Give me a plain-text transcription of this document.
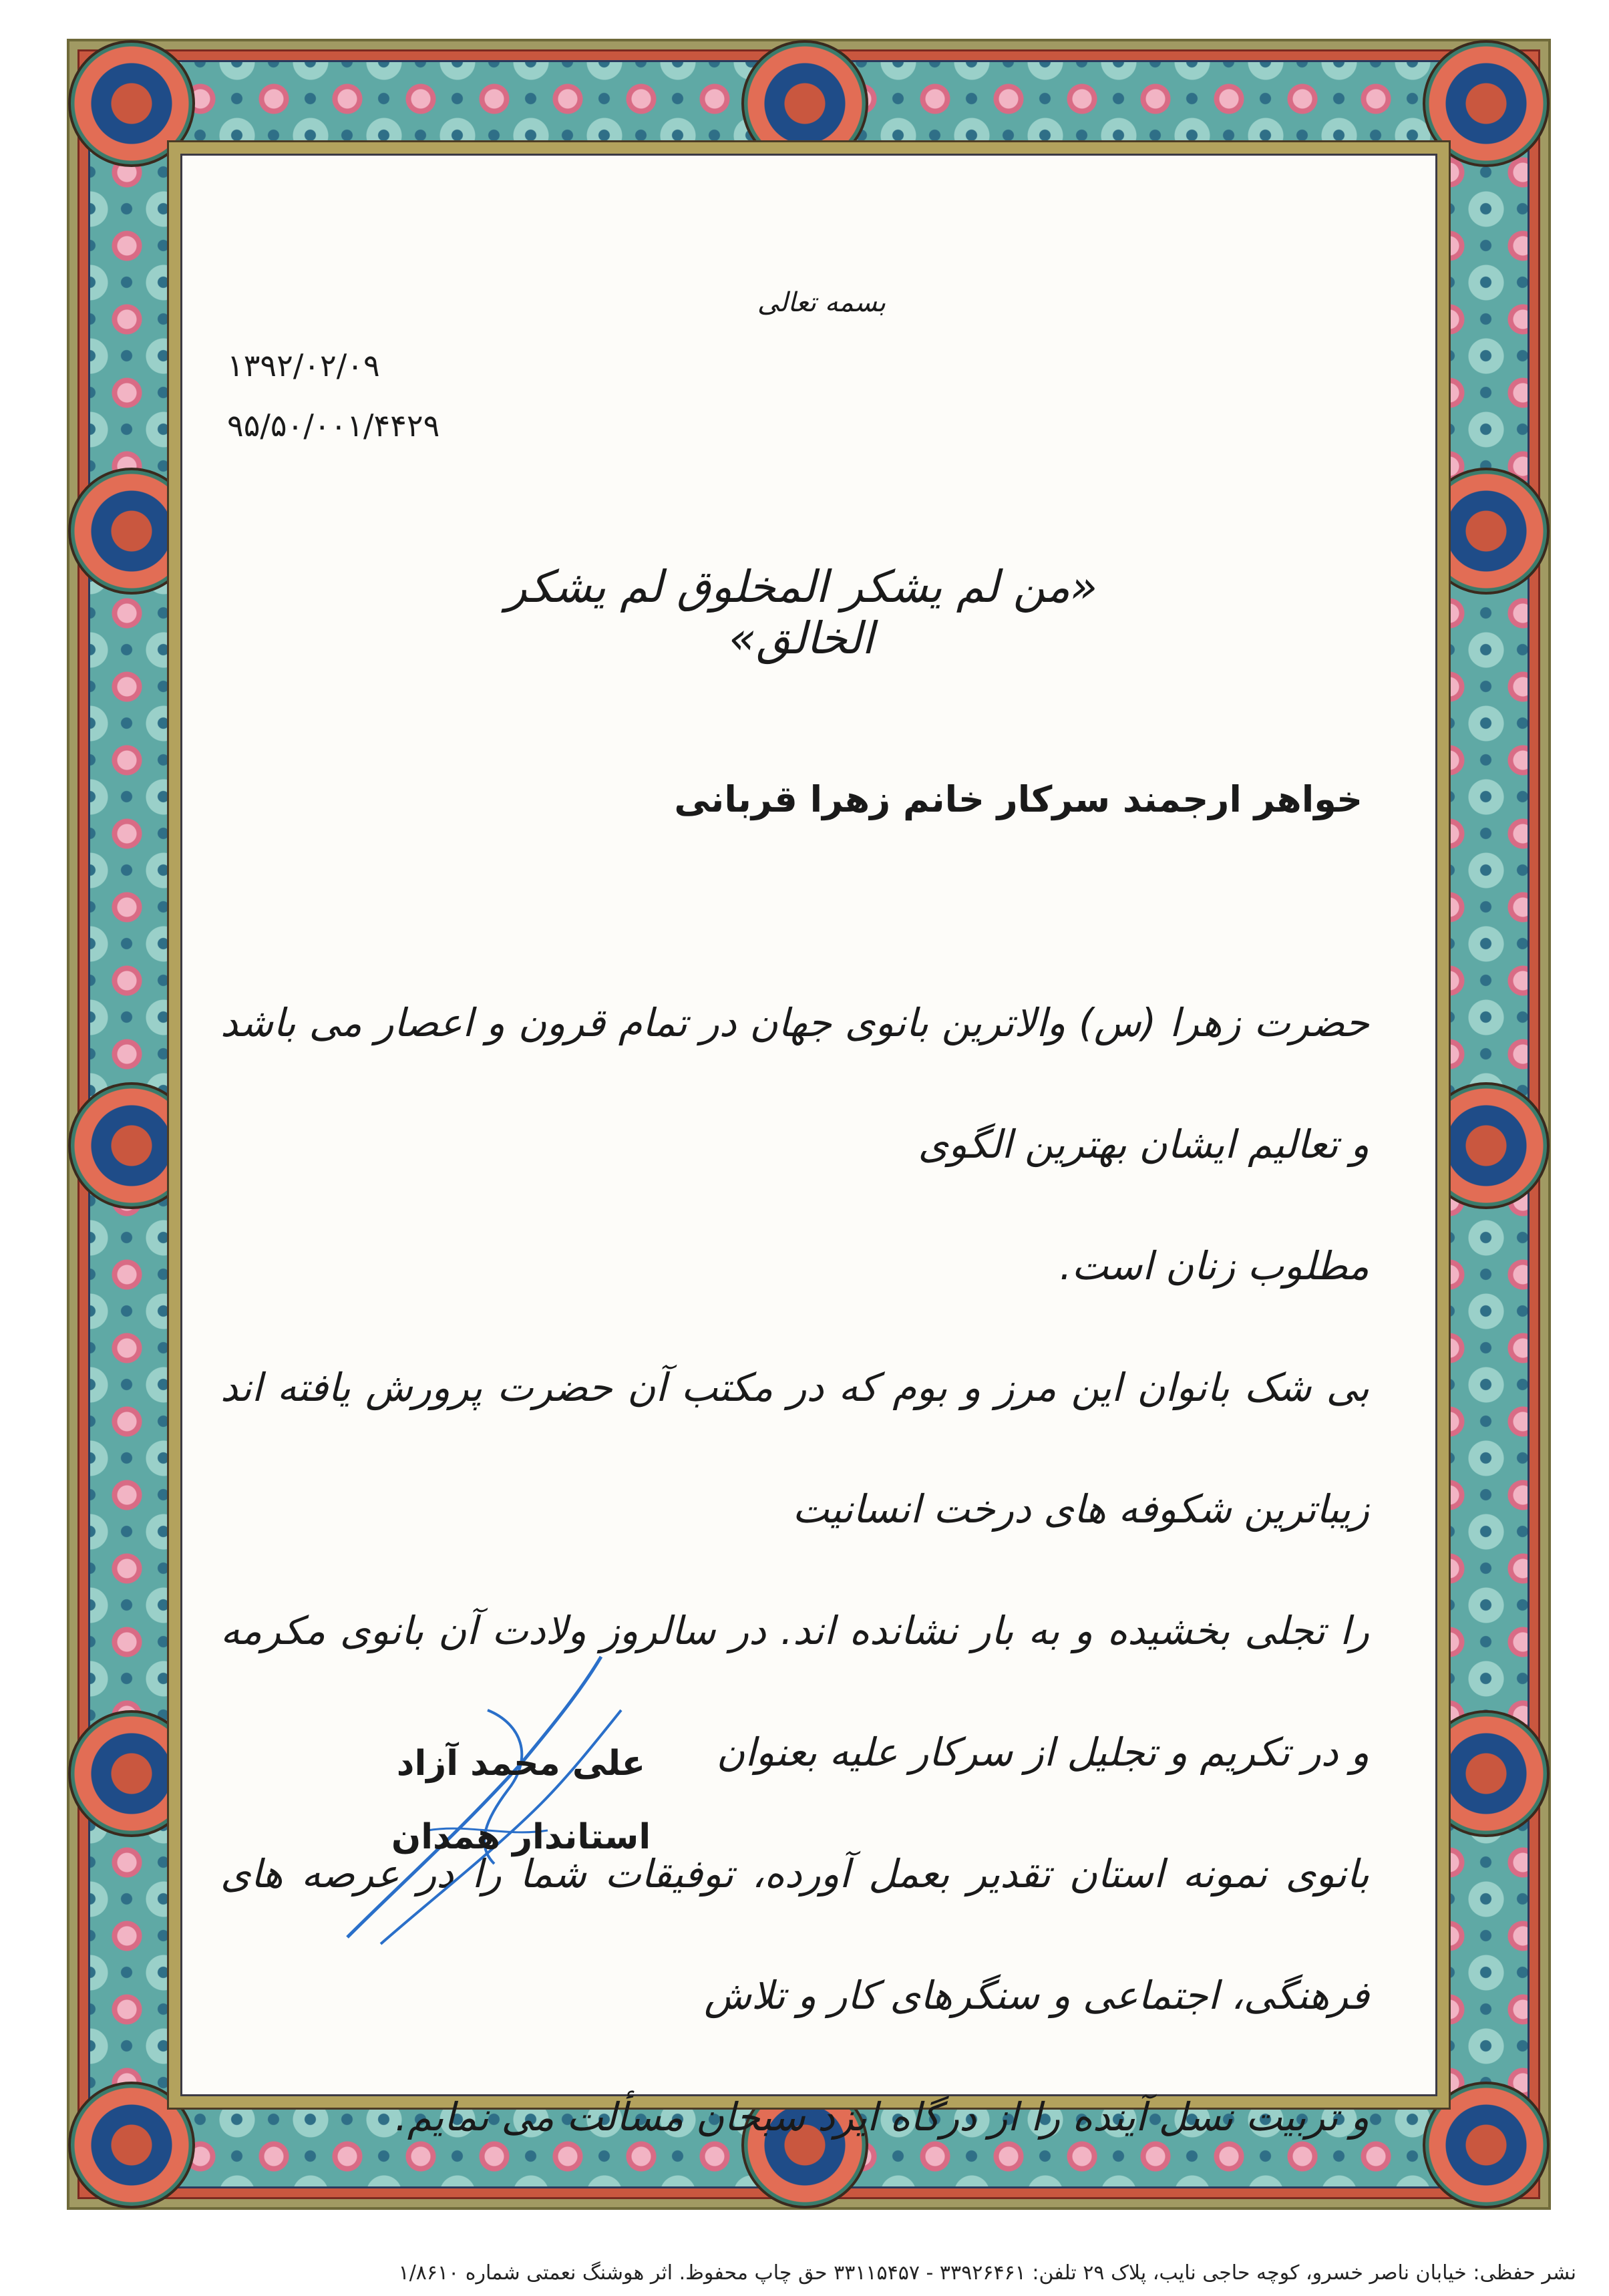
بسمه تعالی
۱۳۹۲/۰۲/۰۹
۹۵/۵۰/۰۰۱/۴۴۲۹
«من لم یشکر المخلوق لم یشکر الخالق»
خواهر ارجمند سرکار خانم زهرا قربانی
حضرت زهرا (س) والاترین بانوی جهان در تمام قرون و اعصار می باشد و تعالیم ایشان بهترین الگوی
مطلوب زنان است.
بی شک بانوان این مرز و بوم که در مکتب آن حضرت پرورش یافته اند زیباترین شکوفه های درخت انسانیت
را تجلی بخشیده و به بار نشانده اند. در سالروز ولادت آن بانوی مکرمه و در تکریم و تجلیل از سرکار علیه بعنوان
بانوی نمونه استان تقدیر بعمل آورده، توفیقات شما را در عرصه های فرهنگی، اجتماعی و سنگرهای کار و تلاش
و تربیت نسل آینده را از درگاه ایزد سبحان مسألت می نمایم.
علی محمد آزاد
استاندار همدان
نشر حفظی: خیابان ناصر خسرو، کوچه حاجی نایب، پلاک ۲۹ تلفن: ۳۳۹۲۶۴۶۱ - ۳۳۱۱۵۴۵۷ حق چاپ محفوظ. اثر هوشنگ نعمتی شماره ۱/۸۶۱۰
